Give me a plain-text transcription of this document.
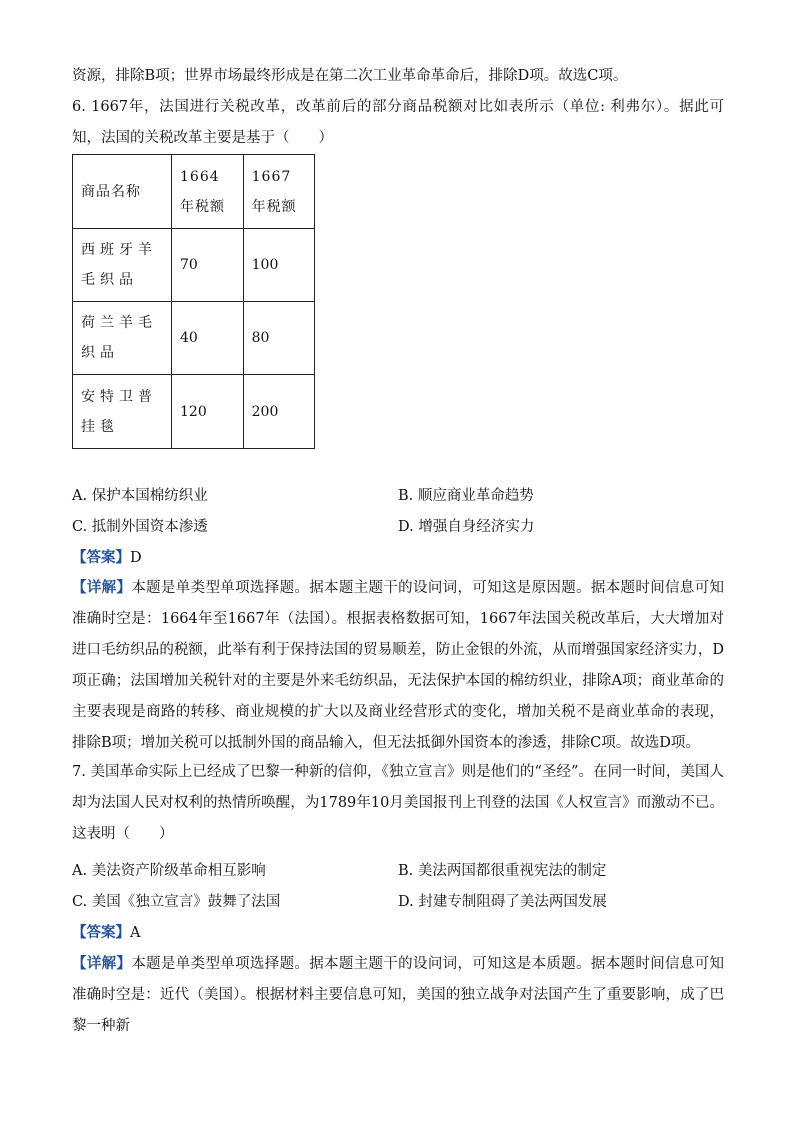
资源，排除B项；世界市场最终形成是在第二次工业革命革命后，排除D项。故选C项。

6. 1667年，法国进行关税改革，改革前后的部分商品税额对比如表所示（单位: 利弗尔）。据此可知，法国的关税改革主要是基于（　　）

商品名称	1664　年税额	1667　年税额
西班牙羊毛织品	70	100
荷兰羊毛织品	40	80
安特卫普挂毯	120	200
A. 保护本国棉纺织业	B. 顺应商业革命趋势
C. 抵制外国资本渗透	D. 增强自身经济实力
【答案】D

【详解】本题是单类型单项选择题。据本题主题干的设问词，可知这是原因题。据本题时间信息可知准确时空是：1664年至1667年（法国）。根据表格数据可知，1667年法国关税改革后，大大增加对进口毛纺织品的税额，此举有利于保持法国的贸易顺差，防止金银的外流，从而增强国家经济实力，D项正确；法国增加关税针对的主要是外来毛纺织品，无法保护本国的棉纺织业，排除A项；商业革命的主要表现是商路的转移、商业规模的扩大以及商业经营形式的变化，增加关税不是商业革命的表现，排除B项；增加关税可以抵制外国的商品输入，但无法抵御外国资本的渗透，排除C项。故选D项。

7. 美国革命实际上已经成了巴黎一种新的信仰，《独立宣言》则是他们的“圣经”。在同一时间，美国人却为法国人民对权利的热情所唤醒，为1789年10月美国报刊上刊登的法国《人权宣言》而激动不已。这表明（　　）

A. 美法资产阶级革命相互影响	B. 美法两国都很重视宪法的制定
C. 美国《独立宣言》鼓舞了法国	D. 封建专制阻碍了美法两国发展
【答案】A

【详解】本题是单类型单项选择题。据本题主题干的设问词，可知这是本质题。据本题时间信息可知准确时空是：近代（美国）。根据材料主要信息可知，美国的独立战争对法国产生了重要影响，成了巴黎一种新
